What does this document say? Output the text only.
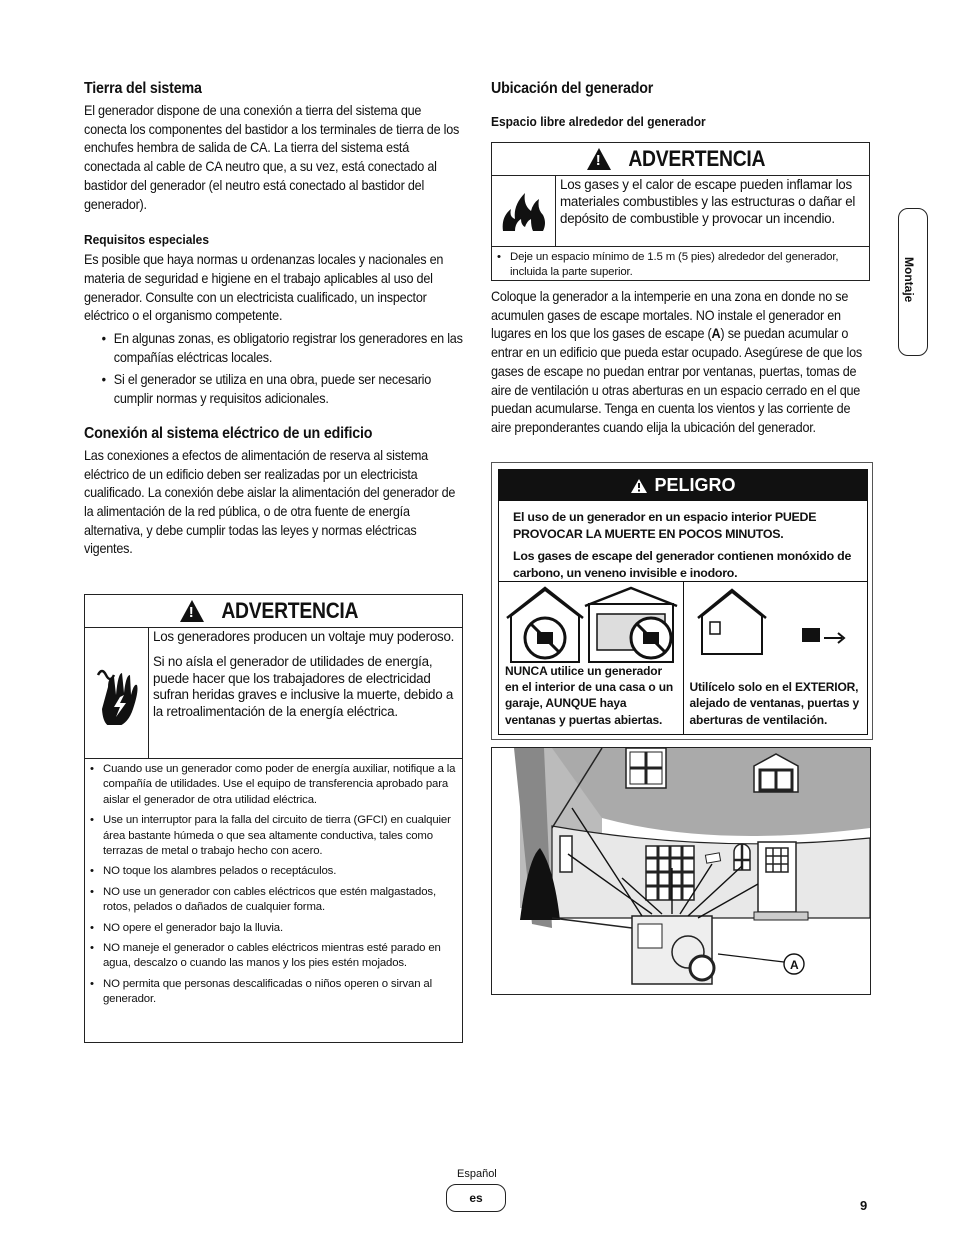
Tierra del sistema

El generador dispone de una conexión a tierra del sistema que conecta los componentes del bastidor a los terminales de tierra de los enchufes hembra de salida de CA. La tierra del sistema está conectada al cable de CA neutro que, a su vez, está conectado al bastidor del generador (el neutro está conectado al bastidor del generador).

Requisitos especiales

Es posible que haya normas u ordenanzas locales y nacionales en materia de seguridad e higiene en el trabajo aplicables al uso del generador. Consulte con un electricista cualificado, un inspector eléctrico o el organismo competente.

• En algunas zonas, es obligatorio registrar los generadores en las compañías eléctricas locales.
• Si el generador se utiliza en una obra, puede ser necesario cumplir normas y requisitos adicionales.
Conexión al sistema eléctrico de un edificio

Las conexiones a efectos de alimentación de reserva al sistema eléctrico de un edificio deben ser realizadas por un electricista cualificado. La conexión debe aislar la alimentación del generador de la alimentación de la red pública, o de otra fuente de energía alternativa, y debe cumplir todas las leyes y normas eléctricas vigentes.

!
ADVERTENCIA

Los generadores producen un voltaje muy poderoso.

Si no aísla el generador de utilidades de energía, puede hacer que los trabajadores de electricidad sufran heridas graves e inclusive la muerte, debido a la retroalimentación de la energía eléctrica.

• Cuando use un generador como poder de energía auxiliar, notifique a la compañía de utilidades. Use el equipo de transferencia aprobado para aislar el generador de otra utilidad eléctrica.
• Use un interruptor para la falla del circuito de tierra (GFCI) en cualquier área bastante húmeda o que sea altamente conductiva, tales como terrazas de metal o trabajo hecho con acero.
• NO toque los alambres pelados o receptáculos.
• NO use un generador con cables eléctricos que estén malgastados, rotos, pelados o dañados de cualquier forma.
• NO opere el generador bajo la lluvia.
• NO maneje el generador o cables eléctricos mientras esté parado en agua, descalzo o cuando las manos y los pies estén mojados.
• NO permita que personas descalificadas o niños operen o sirvan al generador.
Ubicación del generador
Espacio libre alrededor del generador
!
ADVERTENCIA

Los gases y el calor de escape pueden inflamar los materiales combustibles y las estructuras o dañar el depósito de combustible y provocar un incendio.

• Deje un espacio mínimo de 1.5 m (5 pies) alrededor del generador, incluida la parte superior.

Coloque la generador a la intemperie en una zona en donde no se acumulen gases de escape mortales. NO instale el generador en lugares en los que los gases de escape (A) se puedan acumular o entrar en un edificio que pueda estar ocupado. Asegúrese de que los gases de escape no puedan entrar por ventanas, puertas, tomas de aire de ventilación u otras aberturas en un espacio cerrado en el que puedan acumularse. Tenga en cuenta los vientos y las corriente de aire preponderantes cuando elija la ubicación del generador.

PELIGRO

El uso de un generador en un espacio interior PUEDE PROVOCAR LA MUERTE EN POCOS MINUTOS.

Los gases de escape del generador contienen monóxido de carbono, un veneno invisible e inodoro.

NUNCA utilice un generador en el interior de una casa o un garaje, AUNQUE haya ventanas y puertas abiertas.
Utilícelo solo en el EXTERIOR, alejado de ventanas, puertas y aberturas de ventilación.
A
Montaje
Español
es	9
